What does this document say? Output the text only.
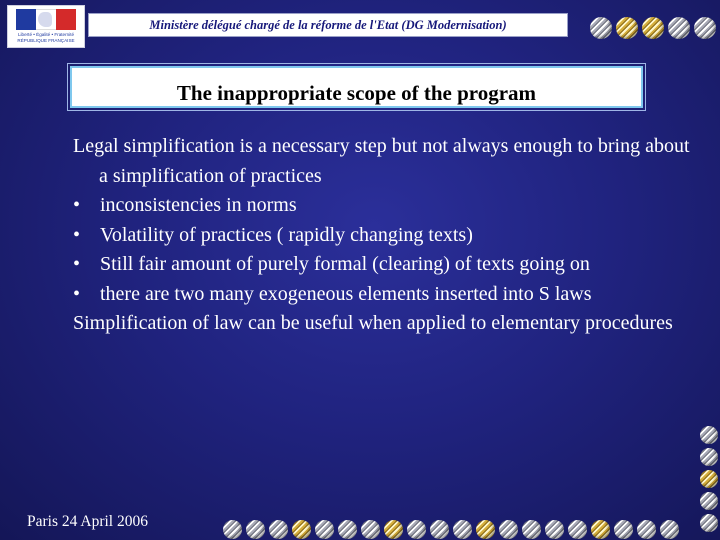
Liberté • Égalité • Fraternité
RÉPUBLIQUE FRANÇAISE
Ministère délégué chargé de la réforme de l'Etat (DG Modernisation)
The inappropriate scope of the program
Legal simplification is a necessary step but not always enough to bring about a simplification of practices
• inconsistencies in norms
• Volatility of practices ( rapidly changing texts)
• Still fair amount of purely formal (clearing) of texts going on
• there are two many exogeneous elements inserted into S laws
Simplification of law can be useful when applied to elementary procedures
Paris 24 April 2006
